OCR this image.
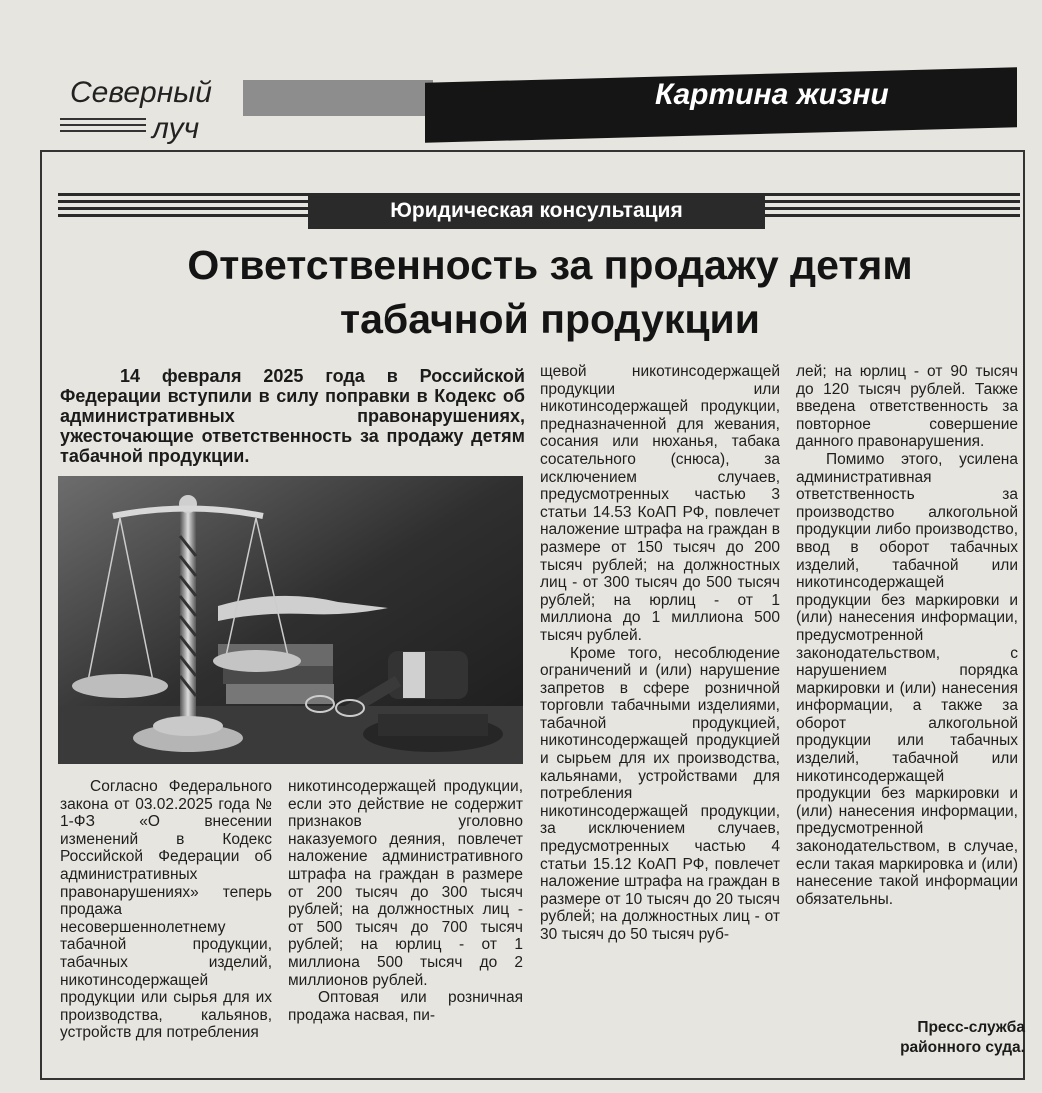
Северный
луч
Картина жизни
Юридическая консультация
Ответственность за продажу детям
табачной продукции
14 февраля 2025 года в Российской Федерации вступили в силу поправки в Кодекс об административных правонарушениях, ужесточающие ответственность за продажу детям табачной продукции.

Согласно Федерального закона от 03.02.2025 года № 1-ФЗ «О внесении изменений в Кодекс Российской Федерации об административных правонарушениях» теперь продажа несовершеннолетнему табачной продукции, табачных изделий, никотинсодержащей продукции или сырья для их производства, кальянов, устройств для потребления

никотинсодержащей продукции, если это действие не содержит признаков уголовно наказуемого деяния, повлечет наложение административного штрафа на граждан в размере от 200 тысяч до 300 тысяч рублей; на должностных лиц - от 500 тысяч до 700 тысяч рублей; на юрлиц - от 1 миллиона 500 тысяч до 2 миллионов рублей.

Оптовая или розничная продажа насвая, пи-

щевой никотинсодержащей продукции или никотинсодержащей продукции, предназначенной для жевания, сосания или нюханья, табака сосательного (снюса), за исключением случаев, предусмотренных частью 3 статьи 14.53 КоАП РФ, повлечет наложение штрафа на граждан в размере от 150 тысяч до 200 тысяч рублей; на должностных лиц - от 300 тысяч до 500 тысяч рублей; на юрлиц - от 1 миллиона до 1 миллиона 500 тысяч рублей.

Кроме того, несоблюдение ограничений и (или) нарушение запретов в сфере розничной торговли табачными изделиями, табачной продукцией, никотинсодержащей продукцией и сырьем для их производства, кальянами, устройствами для потребления никотинсодержащей продукции, за исключением случаев, предусмотренных частью 4 статьи 15.12 КоАП РФ, повлечет наложение штрафа на граждан в размере от 10 тысяч до 20 тысяч рублей; на должностных лиц - от 30 тысяч до 50 тысяч руб-

лей; на юрлиц - от 90 тысяч до 120 тысяч рублей. Также введена ответственность за повторное совершение данного правонарушения.

Помимо этого, усилена административная ответственность за производство алкогольной продукции либо производство, ввод в оборот табачных изделий, табачной или никотинсодержащей продукции без маркировки и (или) нанесения информации, предусмотренной законодательством, с нарушением порядка маркировки и (или) нанесения информации, а также за оборот алкогольной продукции или табачных изделий, табачной или никотинсодержащей продукции без маркировки и (или) нанесения информации, предусмотренной законодательством, в случае, если такая маркировка и (или) нанесение такой информации обязательны.

Пресс-служба
районного суда.
